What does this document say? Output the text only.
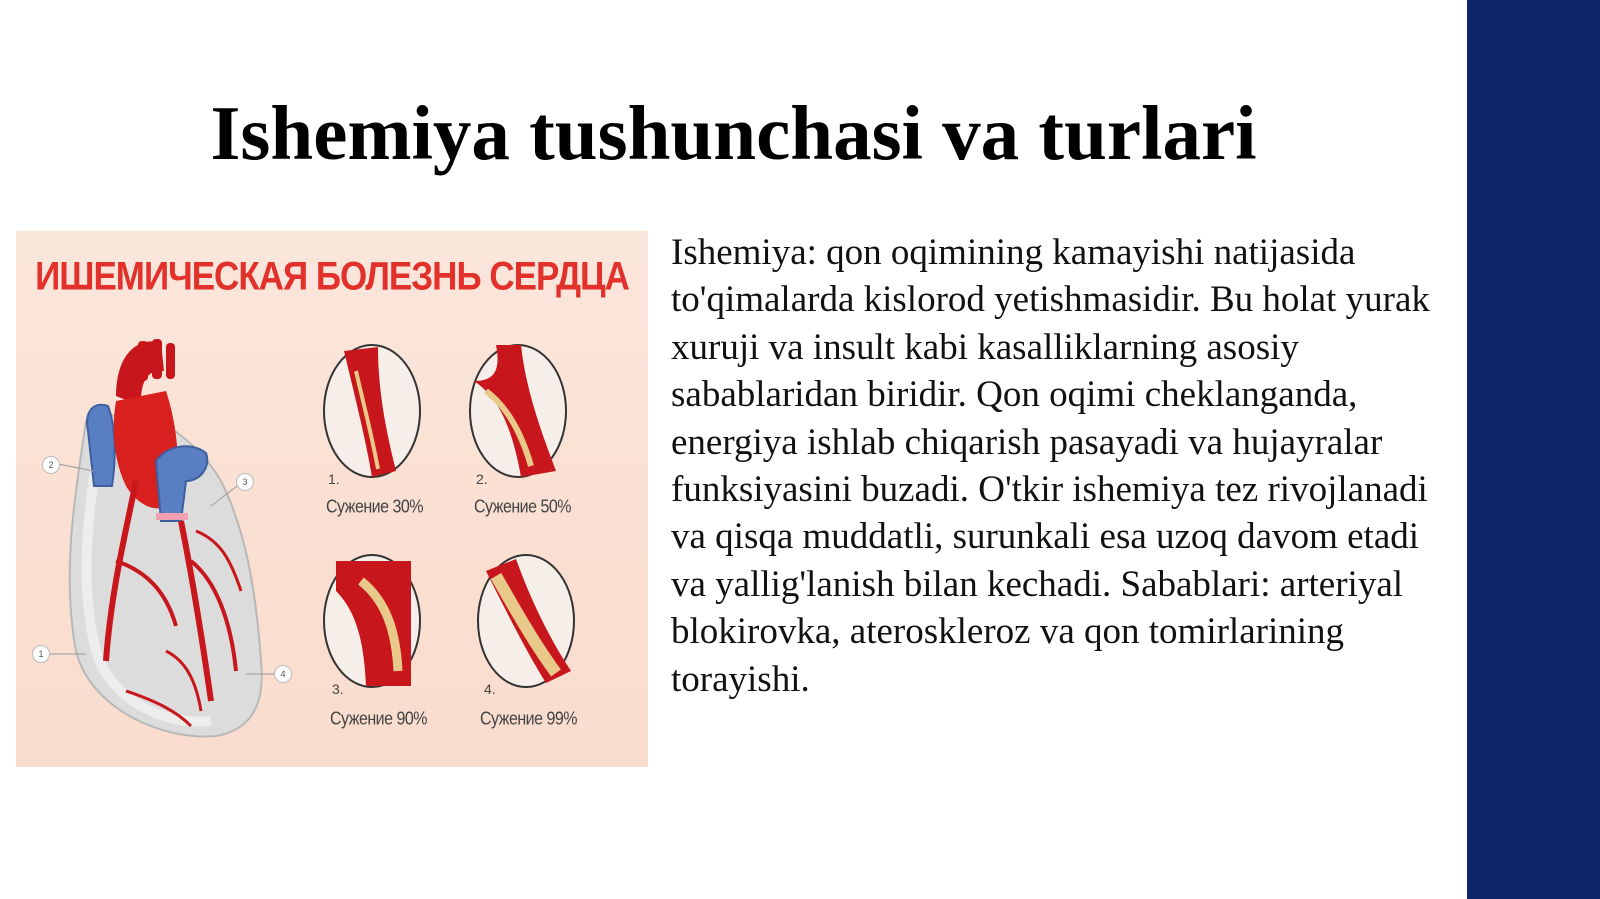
Ishemiya tushunchasi va turlari
ИШЕМИЧЕСКАЯ БОЛЕЗНЬ СЕРДЦА
2
3
1
4
1.	2.
3.	4.
Сужение 30%	Сужение 50%
Сужение 90%	Сужение 99%

Ishemiya: qon oqimining kamayishi natijasida to'qimalarda kislorod yetishmasidir. Bu holat yurak xuruji va insult kabi kasalliklarning asosiy sabablaridan biridir. Qon oqimi cheklanganda, energiya ishlab chiqarish pasayadi va hujayralar funksiyasini buzadi. O'tkir ishemiya tez rivojlanadi va qisqa muddatli, surunkali esa uzoq davom etadi va yallig'lanish bilan kechadi. Sabablari: arteriyal blokirovka, ateroskleroz va qon tomirlarining torayishi.
